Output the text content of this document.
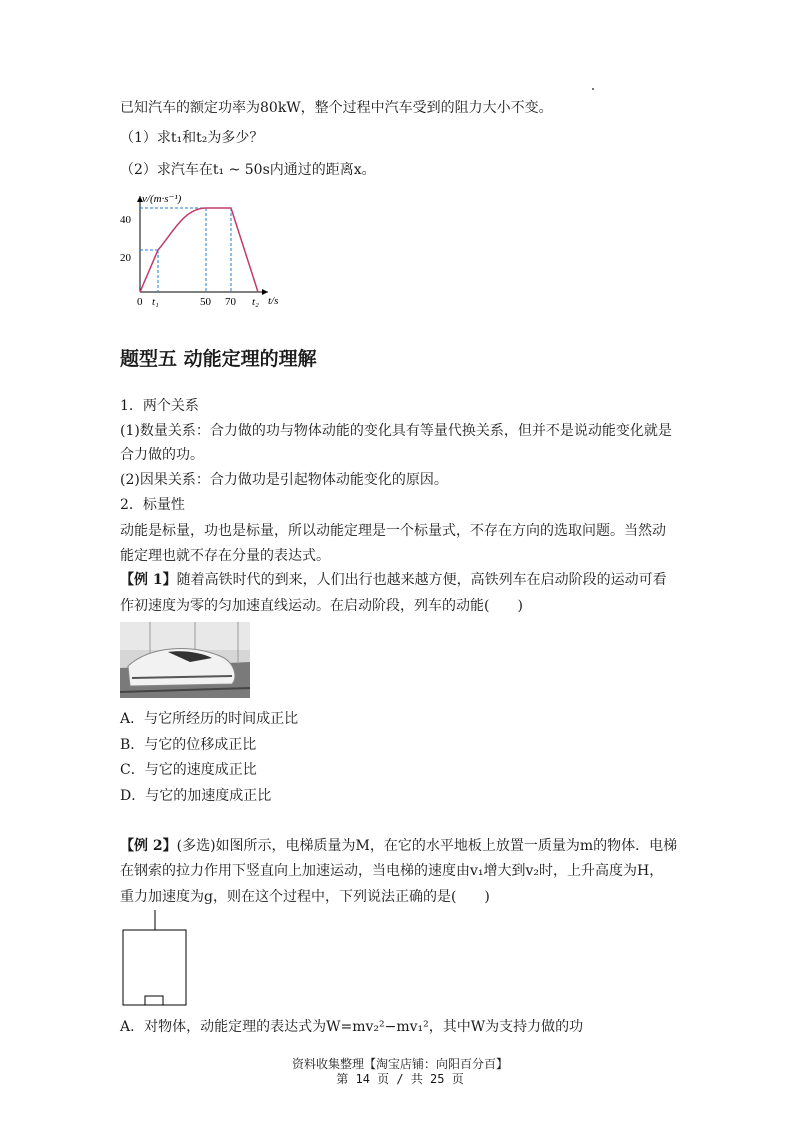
已知汽车的额定功率为80kW，整个过程中汽车受到的阻力大小不变。
（1）求t₁和t₂为多少？
（2）求汽车在t₁ ~ 50s内通过的距离x。
v/(m·s⁻¹)
t/s
40
20
0 t₁	50 70 t₂
题型五 动能定理的理解
1．两个关系
(1)数量关系：合力做的功与物体动能的变化具有等量代换关系，但并不是说动能变化就是
合力做的功。
(2)因果关系：合力做功是引起物体动能变化的原因。
2．标量性
动能是标量，功也是标量，所以动能定理是一个标量式，不存在方向的选取问题。当然动
能定理也就不存在分量的表达式。
【例 1】随着高铁时代的到来，人们出行也越来越方便，高铁列车在启动阶段的运动可看
作初速度为零的匀加速直线运动。在启动阶段，列车的动能(　　)
A．与它所经历的时间成正比
B．与它的位移成正比
C．与它的速度成正比
D．与它的加速度成正比
【例 2】(多选)如图所示，电梯质量为M，在它的水平地板上放置一质量为m的物体．电梯
在钢索的拉力作用下竖直向上加速运动，当电梯的速度由v₁增大到v₂时，上升高度为H，
重力加速度为g，则在这个过程中，下列说法正确的是(　　)
A．对物体，动能定理的表达式为W=mv₂²−mv₁²，其中W为支持力做的功
资料收集整理【淘宝店铺：向阳百分百】
第 14 页 / 共 25 页
